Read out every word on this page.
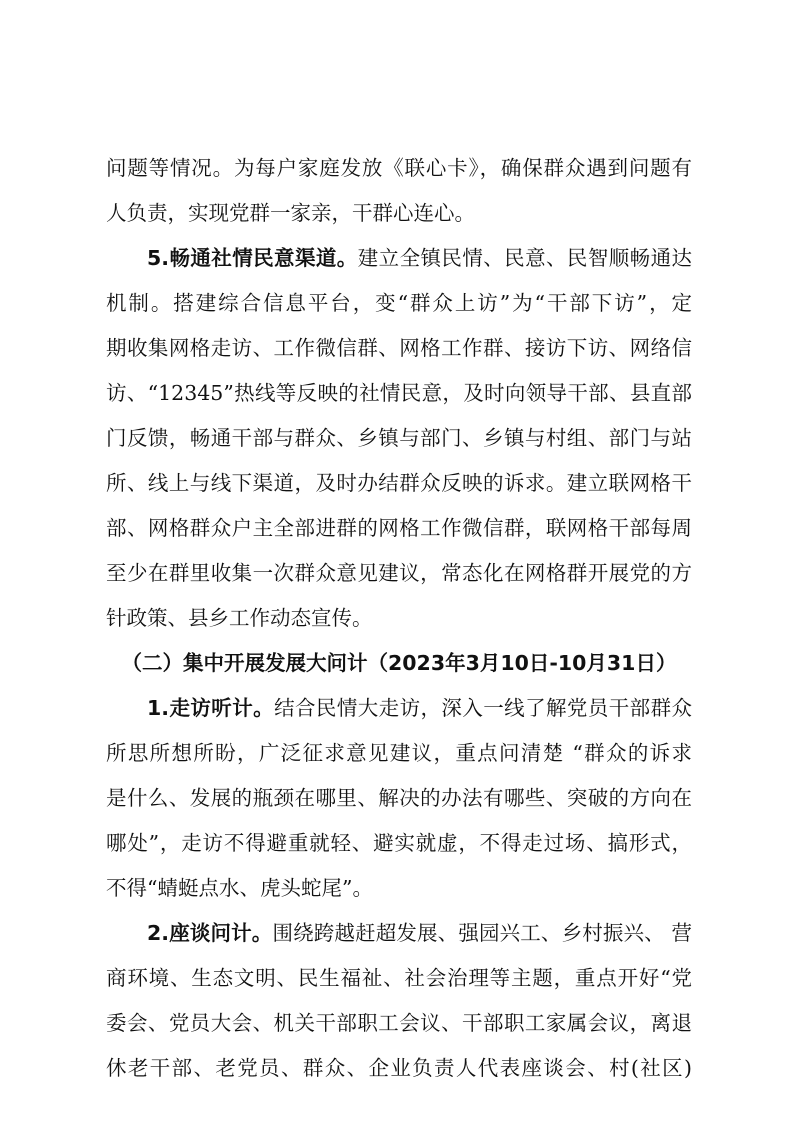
问题等情况。为每户家庭发放《联心卡》，确保群众遇到问题有
人负责，实现党群一家亲，干群心连心。
5.畅通社情民意渠道。建立全镇民情、民意、民智顺畅通达
机制。搭建综合信息平台，变“群众上访”为“干部下访”，定
期收集网格走访、工作微信群、网格工作群、接访下访、网络信
访、“12345”热线等反映的社情民意，及时向领导干部、县直部
门反馈，畅通干部与群众、乡镇与部门、乡镇与村组、部门与站
所、线上与线下渠道，及时办结群众反映的诉求。建立联网格干
部、网格群众户主全部进群的网格工作微信群，联网格干部每周
至少在群里收集一次群众意见建议，常态化在网格群开展党的方
针政策、县乡工作动态宣传。
（二）集中开展发展大问计（2023年3月10日-10月31日）
1.走访听计。结合民情大走访，深入一线了解党员干部群众
所思所想所盼，广泛征求意见建议，重点问清楚 “群众的诉求
是什么、发展的瓶颈在哪里、解决的办法有哪些、突破的方向在
哪处”，走访不得避重就轻、避实就虚，不得走过场、搞形式，
不得“蜻蜓点水、虎头蛇尾”。
2.座谈问计。围绕跨越赶超发展、强园兴工、乡村振兴、 营
商环境、生态文明、民生福祉、社会治理等主题，重点开好“党
委会、党员大会、机关干部职工会议、干部职工家属会议，离退
休老干部、老党员、群众、企业负责人代表座谈会、村(社区)
